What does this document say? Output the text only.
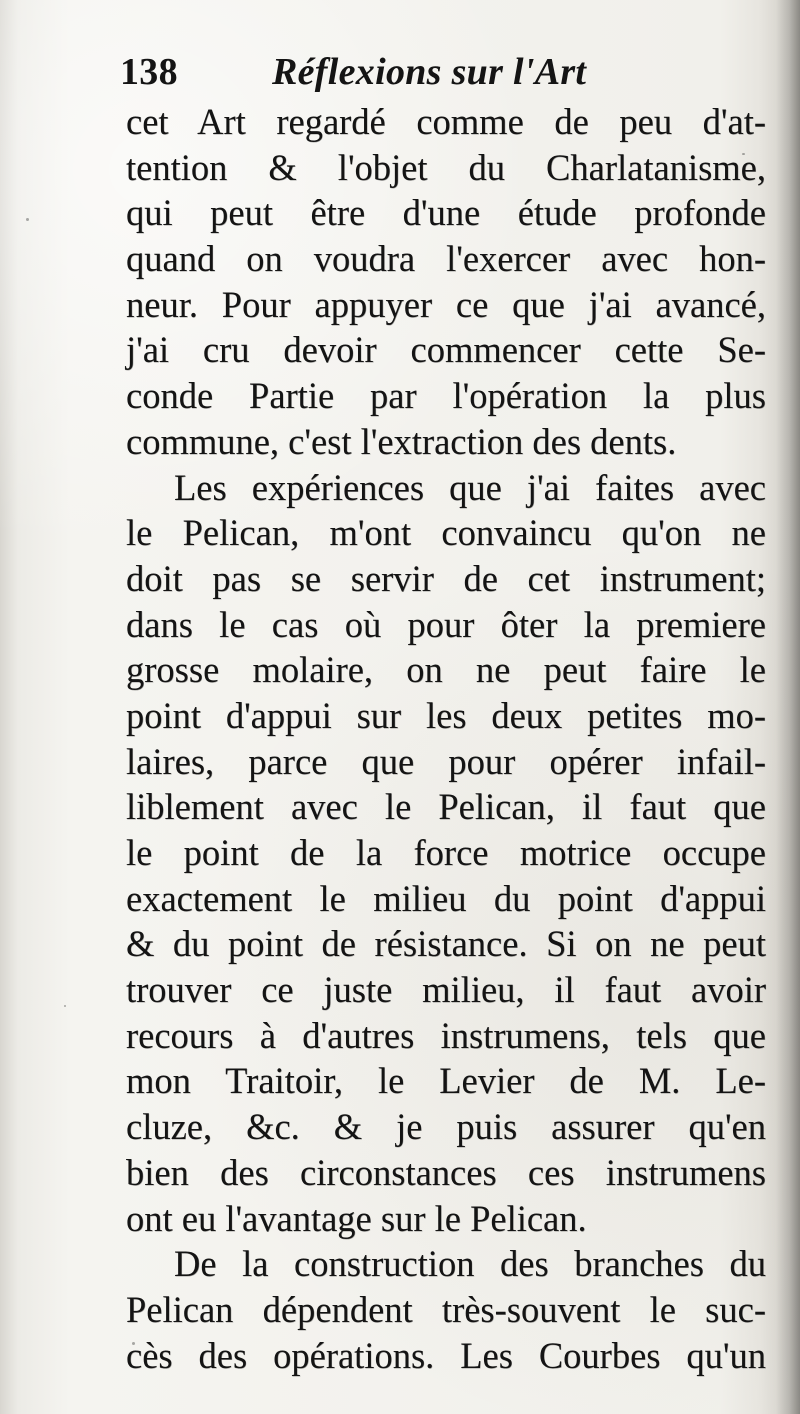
138 Réflexions sur l'Art
cet Art regardé comme de peu d'at-
tention & l'objet du Charlatanisme,
qui peut être d'une étude profonde
quand on voudra l'exercer avec hon-
neur. Pour appuyer ce que j'ai avancé,
j'ai cru devoir commencer cette Se-
conde Partie par l'opération la plus
commune, c'est l'extraction des dents.
Les expériences que j'ai faites avec
le Pelican, m'ont convaincu qu'on ne
doit pas se servir de cet instrument;
dans le cas où pour ôter la premiere
grosse molaire, on ne peut faire le
point d'appui sur les deux petites mo-
laires, parce que pour opérer infail-
liblement avec le Pelican, il faut que
le point de la force motrice occupe
exactement le milieu du point d'appui
& du point de résistance. Si on ne peut
trouver ce juste milieu, il faut avoir
recours à d'autres instrumens, tels que
mon Traitoir, le Levier de M. Le-
cluze, &c. & je puis assurer qu'en
bien des circonstances ces instrumens
ont eu l'avantage sur le Pelican.
De la construction des branches du
Pelican dépendent très-souvent le suc-
cès des opérations. Les Courbes qu'un
